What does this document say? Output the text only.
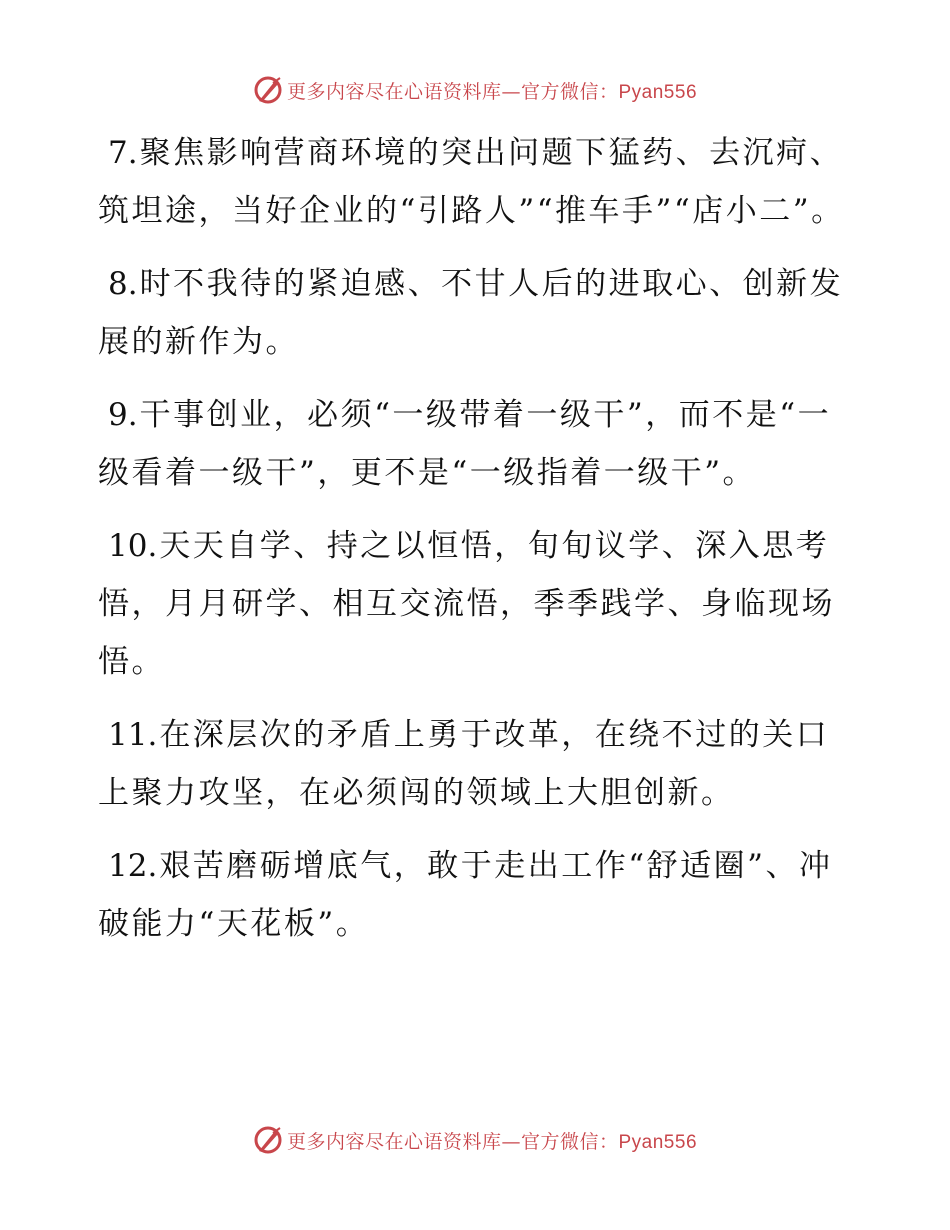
更多内容尽在心语资料库—官方微信：Pyan556

7.聚焦影响营商环境的突出问题下猛药、去沉疴、筑坦途，当好企业的“引路人”“推车手”“店小二”。

8.时不我待的紧迫感、不甘人后的进取心、创新发展的新作为。

9.干事创业，必须“一级带着一级干”，而不是“一级看着一级干”，更不是“一级指着一级干”。

10.天天自学、持之以恒悟，旬旬议学、深入思考悟，月月研学、相互交流悟，季季践学、身临现场悟。

11.在深层次的矛盾上勇于改革，在绕不过的关口上聚力攻坚，在必须闯的领域上大胆创新。

12.艰苦磨砺增底气，敢于走出工作“舒适圈”、冲破能力“天花板”。

更多内容尽在心语资料库—官方微信：Pyan556
